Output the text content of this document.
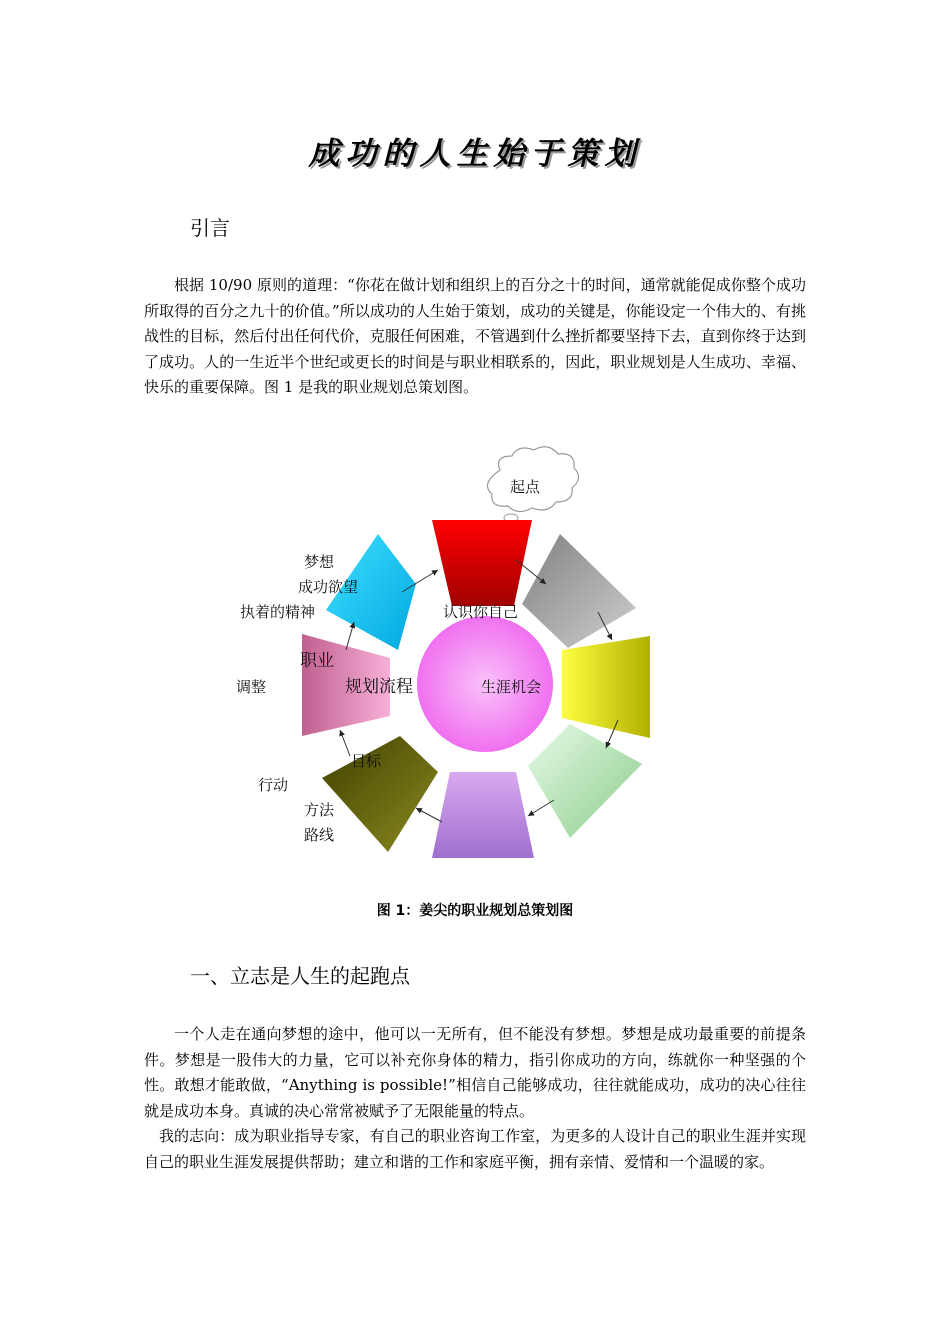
成功的人生始于策划
引言

根据 10/90 原则的道理：“你花在做计划和组织上的百分之十的时间，通常就能促成你整个成功所取得的百分之九十的价值。”所以成功的人生始于策划，成功的关键是，你能设定一个伟大的、有挑战性的目标，然后付出任何代价，克服任何困难，不管遇到什么挫折都要坚持下去，直到你终于达到了成功。人的一生近半个世纪或更长的时间是与职业相联系的，因此，职业规划是人生成功、幸福、快乐的重要保障。图 1 是我的职业规划总策划图。

起点
梦想
成功欲望
执着的精神	认识你自己
职业
规划流程
调整	生涯机会
目标
行动
方法
路线
图 1：姜尖的职业规划总策划图
一、立志是人生的起跑点

一个人走在通向梦想的途中，他可以一无所有，但不能没有梦想。梦想是成功最重要的前提条件。梦想是一股伟大的力量，它可以补充你身体的精力，指引你成功的方向，练就你一种坚强的个性。敢想才能敢做，“Anything is possible!”相信自己能够成功，往往就能成功，成功的决心往往就是成功本身。真诚的决心常常被赋予了无限能量的特点。

我的志向：成为职业指导专家，有自己的职业咨询工作室，为更多的人设计自己的职业生涯并实现自己的职业生涯发展提供帮助；建立和谐的工作和家庭平衡，拥有亲情、爱情和一个温暖的家。
